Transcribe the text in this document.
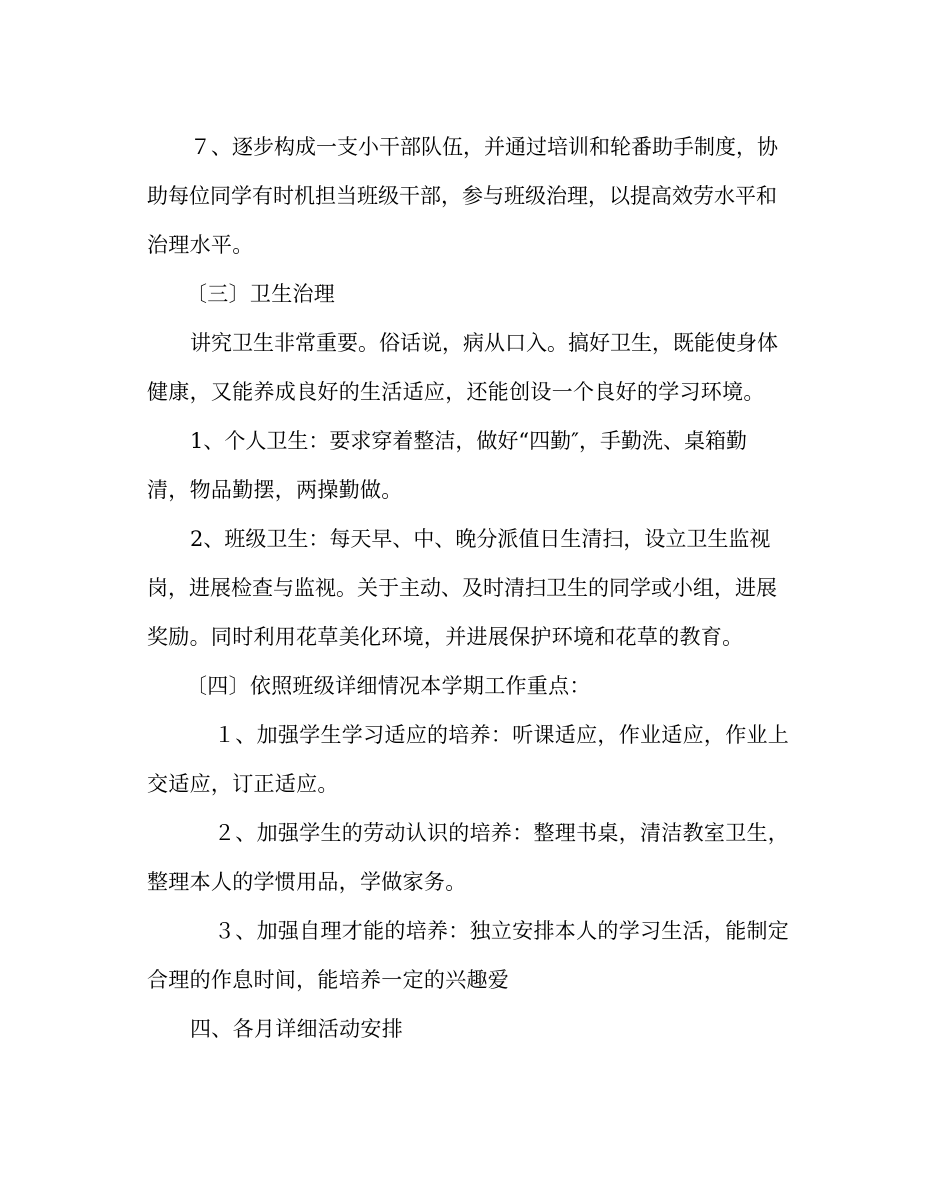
７、逐步构成一支小干部队伍，并通过培训和轮番助手制度，协
助每位同学有时机担当班级干部，参与班级治理，以提高效劳水平和
治理水平。
〔三〕卫生治理
讲究卫生非常重要。俗话说，病从口入。搞好卫生，既能使身体
健康，又能养成良好的生活适应，还能创设一个良好的学习环境。
1、个人卫生：要求穿着整洁，做好“四勤″，手勤洗、桌箱勤
清，物品勤摆，两操勤做。
2、班级卫生：每天早、中、晚分派值日生清扫，设立卫生监视
岗，进展检查与监视。关于主动、及时清扫卫生的同学或小组，进展
奖励。同时利用花草美化环境，并进展保护环境和花草的教育。
〔四〕依照班级详细情况本学期工作重点：
１、加强学生学习适应的培养：听课适应，作业适应，作业上
交适应，订正适应。
２、加强学生的劳动认识的培养：整理书桌，清洁教室卫生，
整理本人的学惯用品，学做家务。
３、加强自理才能的培养：独立安排本人的学习生活，能制定
合理的作息时间，能培养一定的兴趣爱
四、各月详细活动安排
